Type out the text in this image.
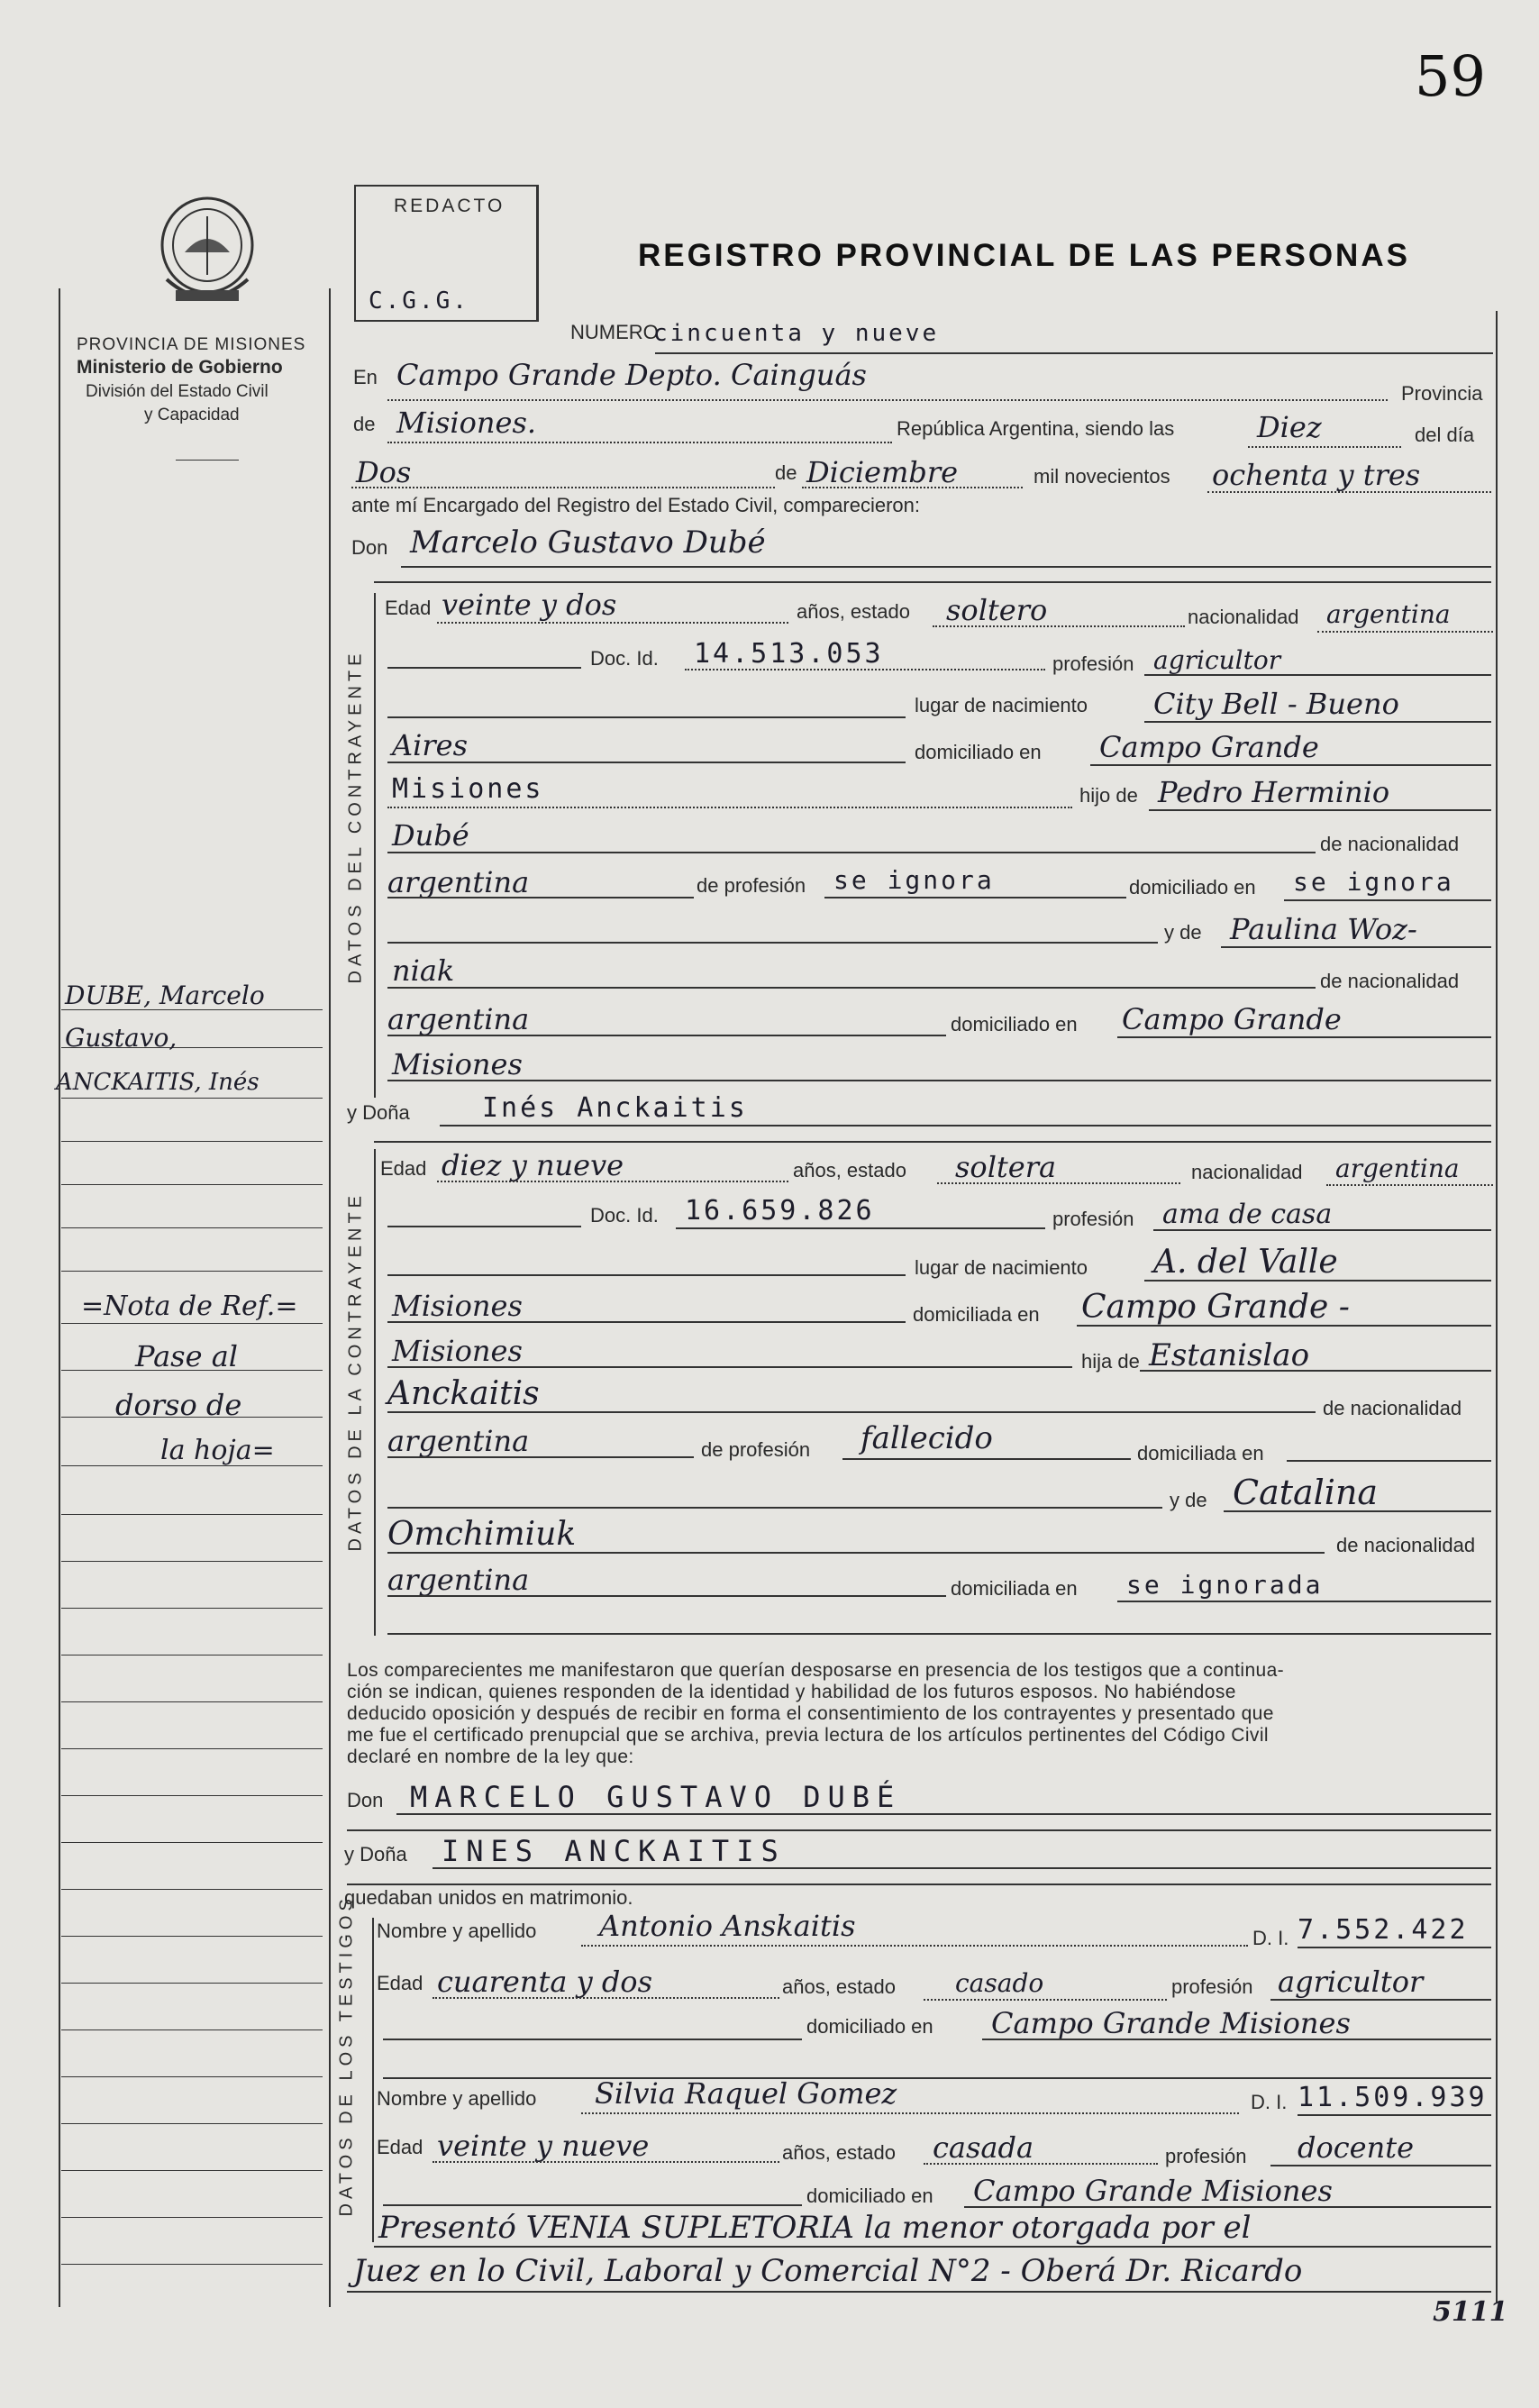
59
PROVINCIA DE MISIONES
Ministerio de Gobierno
División del Estado Civil
y Capacidad
DUBE, Marcelo
Gustavo,
ANCKAITIS, Inés
=Nota de Ref.=
Pase al
dorso de
la hoja=
REDACTO
C.G.G.
REGISTRO PROVINCIAL DE LAS PERSONAS
NUMERO
cincuenta y nueve
En Campo Grande Depto. Cainguás
Provincia
de Misiones.	República Argentina, siendo las	Diez	del día
Dos	de Diciembre	mil novecientos ochenta y tres
ante mí Encargado del Registro del Estado Civil, comparecieron:
Don Marcelo Gustavo Dubé
DATOS DEL CONTRAYENTE
Edad veinte y dos	años, estado soltero	nacionalidad argentina
Doc. Id. 14.513.053	profesión agricultor
lugar de nacimiento City Bell - Bueno
Aires	domiciliado en Campo Grande
Misiones	hijo de Pedro Herminio
Dubé	de nacionalidad
argentina	de profesión se ignora	domiciliado en se ignora
y de Paulina Woz-
niak	de nacionalidad
argentina	domiciliado en Campo Grande
Misiones
y Doña	Inés Anckaitis
DATOS DE LA CONTRAYENTE
Edad diez y nueve	años, estado soltera	nacionalidad argentina
Doc. Id. 16.659.826	profesión ama de casa
lugar de nacimiento A. del Valle
Misiones	domiciliada en Campo Grande -
Misiones	hija de Estanislao
Anckaitis	de nacionalidad
argentina	de profesión fallecido	domiciliada en
y de Catalina
Omchimiuk	de nacionalidad
argentina	domiciliada en se ignorada
Los comparecientes me manifestaron que querían desposarse en presencia de los testigos que a continua-
ción se indican, quienes responden de la identidad y habilidad de los futuros esposos. No habiéndose
deducido oposición y después de recibir en forma el consentimiento de los contrayentes y presentado que
me fue el certificado prenupcial que se archiva, previa lectura de los artículos pertinentes del Código Civil
declaré en nombre de la ley que:
Don MARCELO GUSTAVO DUBÉ
y Doña INES ANCKAITIS
quedaban unidos en matrimonio.
DATOS DE LOS TESTIGOS Nombre y apellido Antonio Anskaitis	D. I. 7.552.422
Edad cuarenta y dos	años, estado casado	profesión agricultor
domiciliado en Campo Grande Misiones
Nombre y apellido Silvia Raquel Gomez	D. I. 11.509.939
Edad veinte y nueve	años, estado casada	profesión docente
domiciliado en Campo Grande Misiones
Presentó VENIA SUPLETORIA la menor otorgada por el
Juez en lo Civil, Laboral y Comercial N°2 - Oberá Dr. Ricardo
5111
